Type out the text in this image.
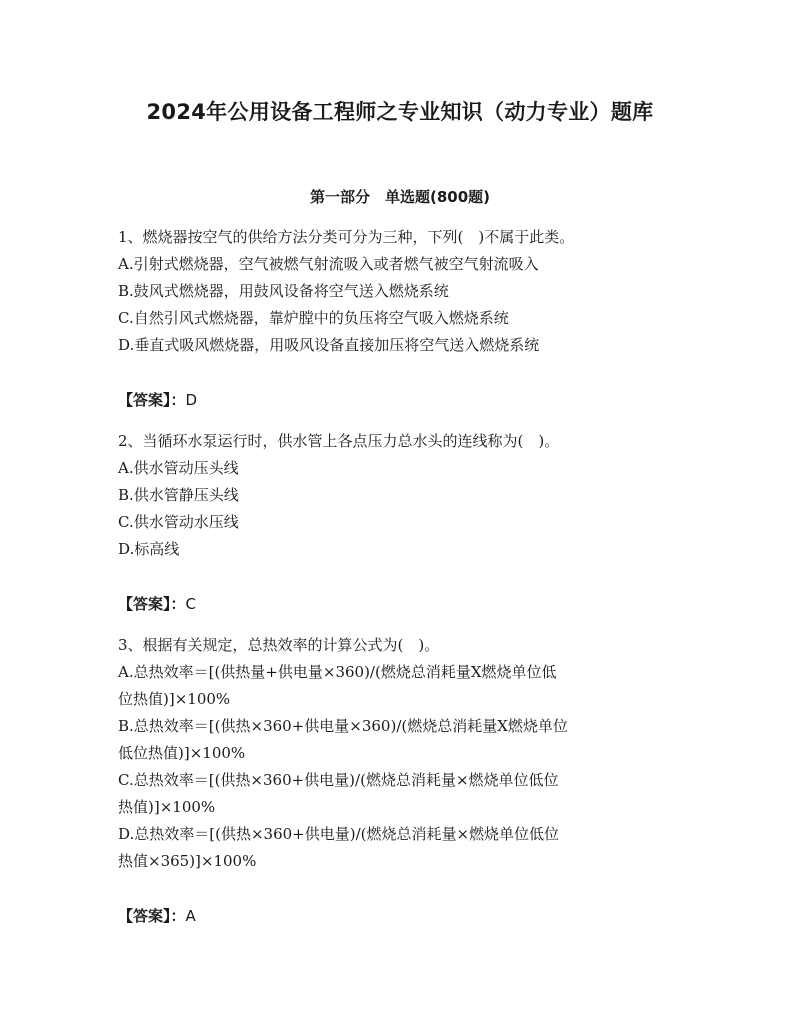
2024年公用设备工程师之专业知识（动力专业）题库
第一部分　单选题(800题)
1、燃烧器按空气的供给方法分类可分为三种，下列(　)不属于此类。
A.引射式燃烧器，空气被燃气射流吸入或者燃气被空气射流吸入
B.鼓风式燃烧器，用鼓风设备将空气送入燃烧系统
C.自然引风式燃烧器，靠炉膛中的负压将空气吸入燃烧系统
D.垂直式吸风燃烧器，用吸风设备直接加压将空气送入燃烧系统
【答案】：D
2、当循环水泵运行时，供水管上各点压力总水头的连线称为(　)。
A.供水管动压头线
B.供水管静压头线
C.供水管动水压线
D.标高线
【答案】：C
3、根据有关规定，总热效率的计算公式为(　)。
A.总热效率＝[(供热量+供电量×360)/(燃烧总消耗量X燃烧单位低
位热值)]×100%
B.总热效率＝[(供热×360+供电量×360)/(燃烧总消耗量X燃烧单位
低位热值)]×100%
C.总热效率＝[(供热×360+供电量)/(燃烧总消耗量×燃烧单位低位
热值)]×100%
D.总热效率＝[(供热×360+供电量)/(燃烧总消耗量×燃烧单位低位
热值×365)]×100%
【答案】：A
